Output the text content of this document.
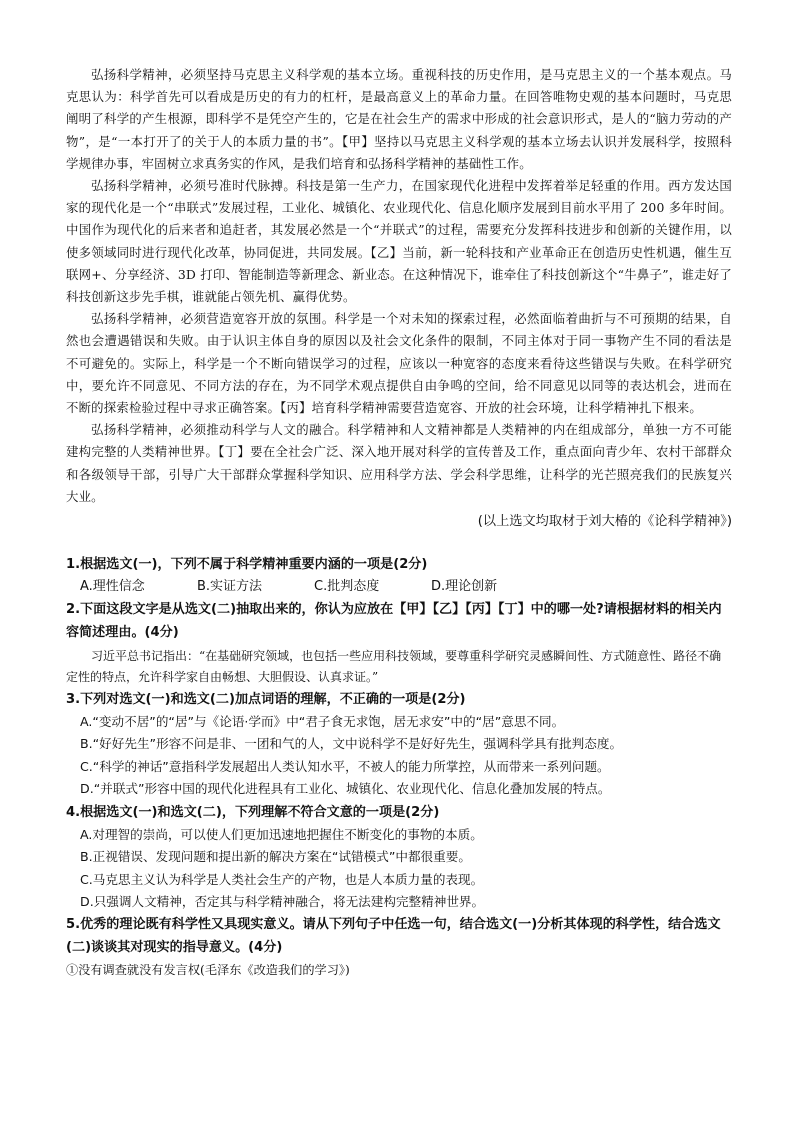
弘扬科学精神，必须坚持马克思主义科学观的基本立场。重视科技的历史作用，是马克思主义的一个基本观点。马克思认为：科学首先可以看成是历史的有力的杠杆，是最高意义上的革命力量。在回答唯物史观的基本问题时，马克思阐明了科学的产生根源，即科学不是凭空产生的，它是在社会生产的需求中形成的社会意识形式，是人的“脑力劳动的产物”，是“一本打开了的关于人的本质力量的书”。【甲】坚持以马克思主义科学观的基本立场去认识并发展科学，按照科学规律办事，牢固树立求真务实的作风，是我们培育和弘扬科学精神的基础性工作。

弘扬科学精神，必须号准时代脉搏。科技是第一生产力，在国家现代化进程中发挥着举足轻重的作用。西方发达国家的现代化是一个“串联式”发展过程，工业化、城镇化、农业现代化、信息化顺序发展到目前水平用了 200 多年时间。中国作为现代化的后来者和追赶者，其发展必然是一个“并联式”的过程，需要充分发挥科技进步和创新的关键作用，以使多领域同时进行现代化改革，协同促进，共同发展。【乙】当前，新一轮科技和产业革命正在创造历史性机遇，催生互联网+、分享经济、3D 打印、智能制造等新理念、新业态。在这种情况下，谁牵住了科技创新这个“牛鼻子”，谁走好了科技创新这步先手棋，谁就能占领先机、赢得优势。

弘扬科学精神，必须营造宽容开放的氛围。科学是一个对未知的探索过程，必然面临着曲折与不可预期的结果，自然也会遭遇错误和失败。由于认识主体自身的原因以及社会文化条件的限制，不同主体对于同一事物产生不同的看法是不可避免的。实际上，科学是一个不断向错误学习的过程，应该以一种宽容的态度来看待这些错误与失败。在科学研究中，要允许不同意见、不同方法的存在，为不同学术观点提供自由争鸣的空间，给不同意见以同等的表达机会，进而在不断的探索检验过程中寻求正确答案。【丙】培育科学精神需要营造宽容、开放的社会环境，让科学精神扎下根来。

弘扬科学精神，必须推动科学与人文的融合。科学精神和人文精神都是人类精神的内在组成部分，单独一方不可能建构完整的人类精神世界。【丁】要在全社会广泛、深入地开展对科学的宣传普及工作，重点面向青少年、农村干部群众和各级领导干部，引导广大干部群众掌握科学知识、应用科学方法、学会科学思维，让科学的光芒照亮我们的民族复兴大业。

(以上选文均取材于刘大椿的《论科学精神》)

1.根据选文(一)，下列不属于科学精神重要内涵的一项是(2分)

A.理性信念	B.实证方法	C.批判态度	D.理论创新

2.下面这段文字是从选文(二)抽取出来的，你认为应放在【甲】【乙】【丙】【丁】中的哪一处?请根据材料的相关内容简述理由。(4分)

习近平总书记指出：“在基础研究领域，也包括一些应用科技领域，要尊重科学研究灵感瞬间性、方式随意性、路径不确定性的特点，允许科学家自由畅想、大胆假设、认真求证。”

3.下列对选文(一)和选文(二)加点词语的理解，不正确的一项是(2分)

A.“变动不居”的“居”与《论语·学而》中“君子食无求饱，居无求安”中的“居”意思不同。

B.“好好先生”形容不问是非、一团和气的人，文中说科学不是好好先生，强调科学具有批判态度。

C.“科学的神话”意指科学发展超出人类认知水平，不被人的能力所掌控，从而带来一系列问题。

D.“并联式”形容中国的现代化进程具有工业化、城镇化、农业现代化、信息化叠加发展的特点。

4.根据选文(一)和选文(二)，下列理解不符合文意的一项是(2分)

A.对理智的崇尚，可以使人们更加迅速地把握住不断变化的事物的本质。

B.正视错误、发现问题和提出新的解决方案在“试错模式”中都很重要。

C.马克思主义认为科学是人类社会生产的产物，也是人本质力量的表现。

D.只强调人文精神，否定其与科学精神融合，将无法建构完整精神世界。

5.优秀的理论既有科学性又具现实意义。请从下列句子中任选一句，结合选文(一)分析其体现的科学性，结合选文(二)谈谈其对现实的指导意义。(4分)

①没有调查就没有发言权(毛泽东《改造我们的学习》)
